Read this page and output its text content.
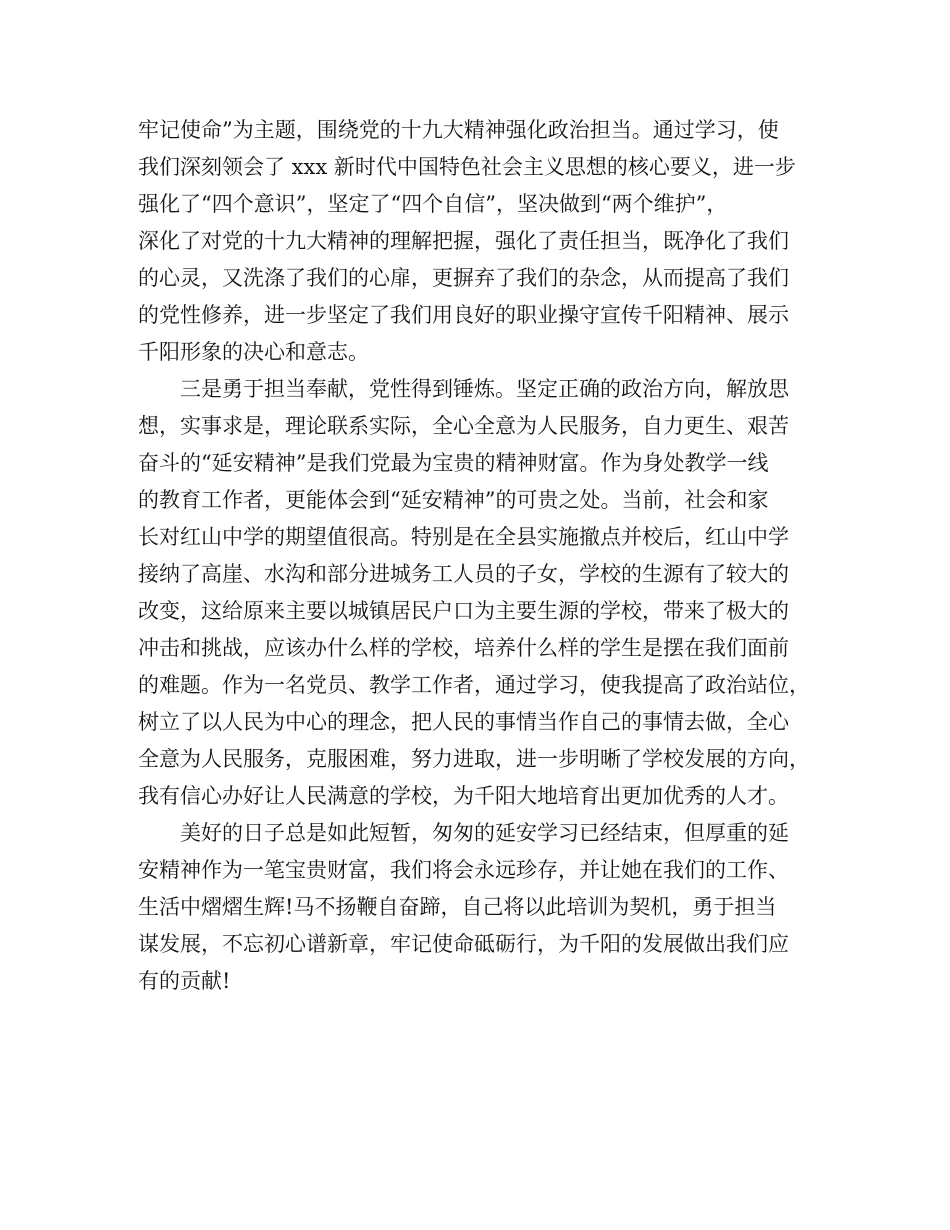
牢记使命”为主题，围绕党的十九大精神强化政治担当。通过学习，使
我们深刻领会了 xxx 新时代中国特色社会主义思想的核心要义，进一步
强化了“四个意识”，坚定了“四个自信”，坚决做到“两个维护”，
深化了对党的十九大精神的理解把握，强化了责任担当，既净化了我们
的心灵，又洗涤了我们的心扉，更摒弃了我们的杂念，从而提高了我们
的党性修养，进一步坚定了我们用良好的职业操守宣传千阳精神、展示
千阳形象的决心和意志。
三是勇于担当奉献，党性得到锤炼。坚定正确的政治方向，解放思
想，实事求是，理论联系实际，全心全意为人民服务，自力更生、艰苦
奋斗的“延安精神”是我们党最为宝贵的精神财富。作为身处教学一线
的教育工作者，更能体会到“延安精神”的可贵之处。当前，社会和家
长对红山中学的期望值很高。特别是在全县实施撤点并校后，红山中学
接纳了高崖、水沟和部分进城务工人员的子女，学校的生源有了较大的
改变，这给原来主要以城镇居民户口为主要生源的学校，带来了极大的
冲击和挑战，应该办什么样的学校，培养什么样的学生是摆在我们面前
的难题。作为一名党员、教学工作者，通过学习，使我提高了政治站位，
树立了以人民为中心的理念，把人民的事情当作自己的事情去做，全心
全意为人民服务，克服困难，努力进取，进一步明晰了学校发展的方向，
我有信心办好让人民满意的学校，为千阳大地培育出更加优秀的人才。
美好的日子总是如此短暂，匆匆的延安学习已经结束，但厚重的延
安精神作为一笔宝贵财富，我们将会永远珍存，并让她在我们的工作、
生活中熠熠生辉!马不扬鞭自奋蹄，自己将以此培训为契机，勇于担当
谋发展，不忘初心谱新章，牢记使命砥砺行，为千阳的发展做出我们应
有的贡献!
